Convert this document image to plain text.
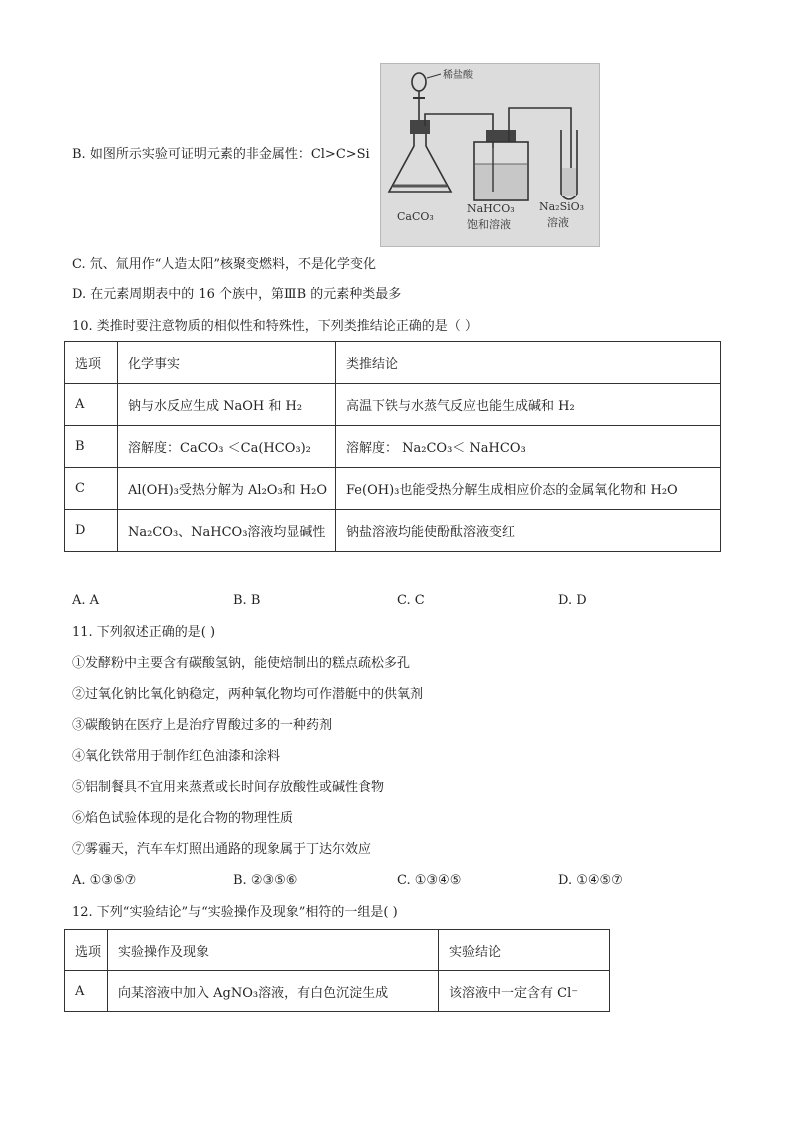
B. 如图所示实验可证明元素的非金属性：Cl>C>Si
稀盐酸
CaCO₃
NaHCO₃
饱和溶液
Na₂SiO₃
溶液
C. 氘、氚用作“人造太阳”核聚变燃料，不是化学变化
D. 在元素周期表中的 16 个族中，第ⅢB 的元素种类最多
10. 类推时要注意物质的相似性和特殊性，下列类推结论正确的是（ ）
选项	化学事实	类推结论
A	钠与水反应生成 NaOH 和 H₂	高温下铁与水蒸气反应也能生成碱和 H₂
B	溶解度：CaCO₃ ＜Ca(HCO₃)₂	溶解度： Na₂CO₃＜ NaHCO₃
C	Al(OH)₃受热分解为 Al₂O₃和 H₂O	Fe(OH)₃也能受热分解生成相应价态的金属氧化物和 H₂O
D	Na₂CO₃、NaHCO₃溶液均显碱性	钠盐溶液均能使酚酞溶液变红
A. A	B. B	C. C	D. D
11. 下列叙述正确的是( )
①发酵粉中主要含有碳酸氢钠，能使焙制出的糕点疏松多孔
②过氧化钠比氧化钠稳定，两种氧化物均可作潜艇中的供氧剂
③碳酸钠在医疗上是治疗胃酸过多的一种药剂
④氧化铁常用于制作红色油漆和涂料
⑤铝制餐具不宜用来蒸煮或长时间存放酸性或碱性食物
⑥焰色试验体现的是化合物的物理性质
⑦雾霾天，汽车车灯照出通路的现象属于丁达尔效应
A. ①③⑤⑦	B. ②③⑤⑥	C. ①③④⑤	D. ①④⑤⑦
12. 下列“实验结论”与“实验操作及现象”相符的一组是( )
选项	实验操作及现象	实验结论
A	向某溶液中加入 AgNO₃溶液，有白色沉淀生成	该溶液中一定含有 Cl⁻
